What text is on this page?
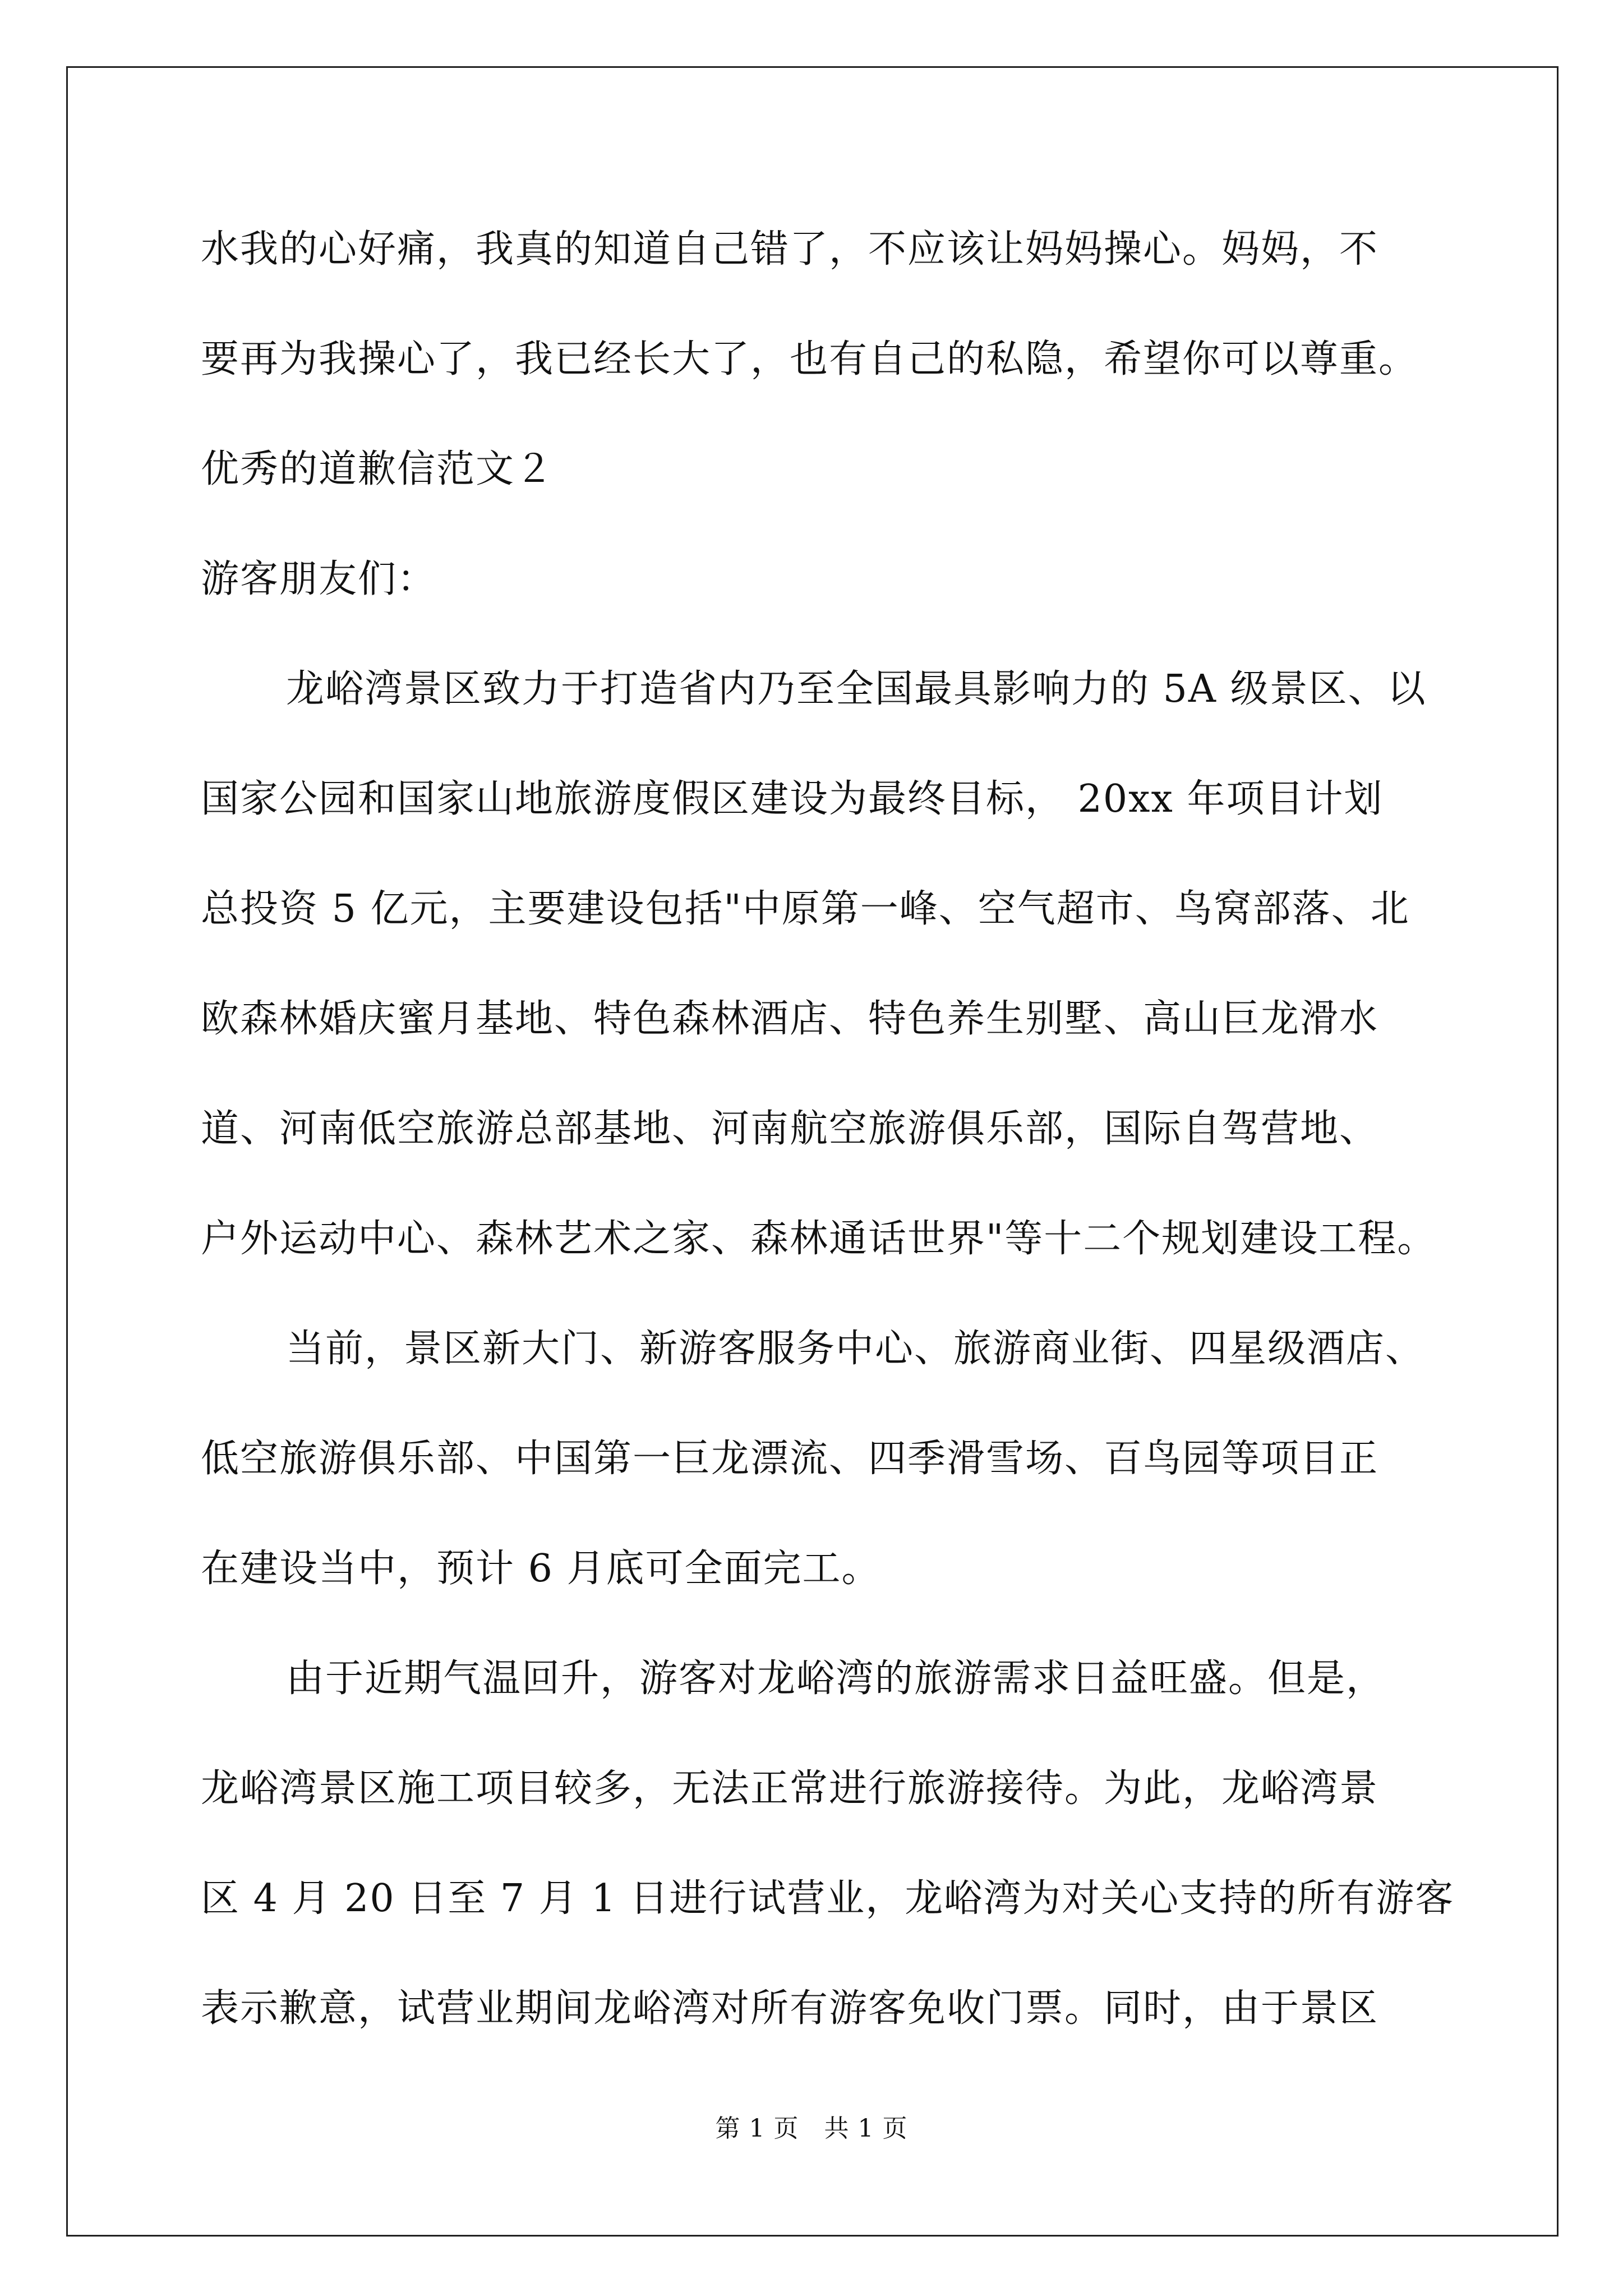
水我的心好痛，我真的知道自己错了，不应该让妈妈操心。妈妈，不
要再为我操心了，我已经长大了，也有自己的私隐，希望你可以尊重。
优秀的道歉信范文２
游客朋友们：
龙峪湾景区致力于打造省内乃至全国最具影响力的 5A 级景区、以
国家公园和国家山地旅游度假区建设为最终目标， 20xx 年项目计划
总投资 5 亿元，主要建设包括"中原第一峰、空气超市、鸟窝部落、北
欧森林婚庆蜜月基地、特色森林酒店、特色养生别墅、高山巨龙滑水
道、河南低空旅游总部基地、河南航空旅游俱乐部，国际自驾营地、
户外运动中心、森林艺术之家、森林通话世界"等十二个规划建设工程。
当前，景区新大门、新游客服务中心、旅游商业街、四星级酒店、
低空旅游俱乐部、中国第一巨龙漂流、四季滑雪场、百鸟园等项目正
在建设当中，预计 6 月底可全面完工。
由于近期气温回升，游客对龙峪湾的旅游需求日益旺盛。但是，
龙峪湾景区施工项目较多，无法正常进行旅游接待。为此，龙峪湾景
区 4 月 20 日至 7 月 1 日进行试营业，龙峪湾为对关心支持的所有游客
表示歉意，试营业期间龙峪湾对所有游客免收门票。同时，由于景区
第 1 页　共 1 页
